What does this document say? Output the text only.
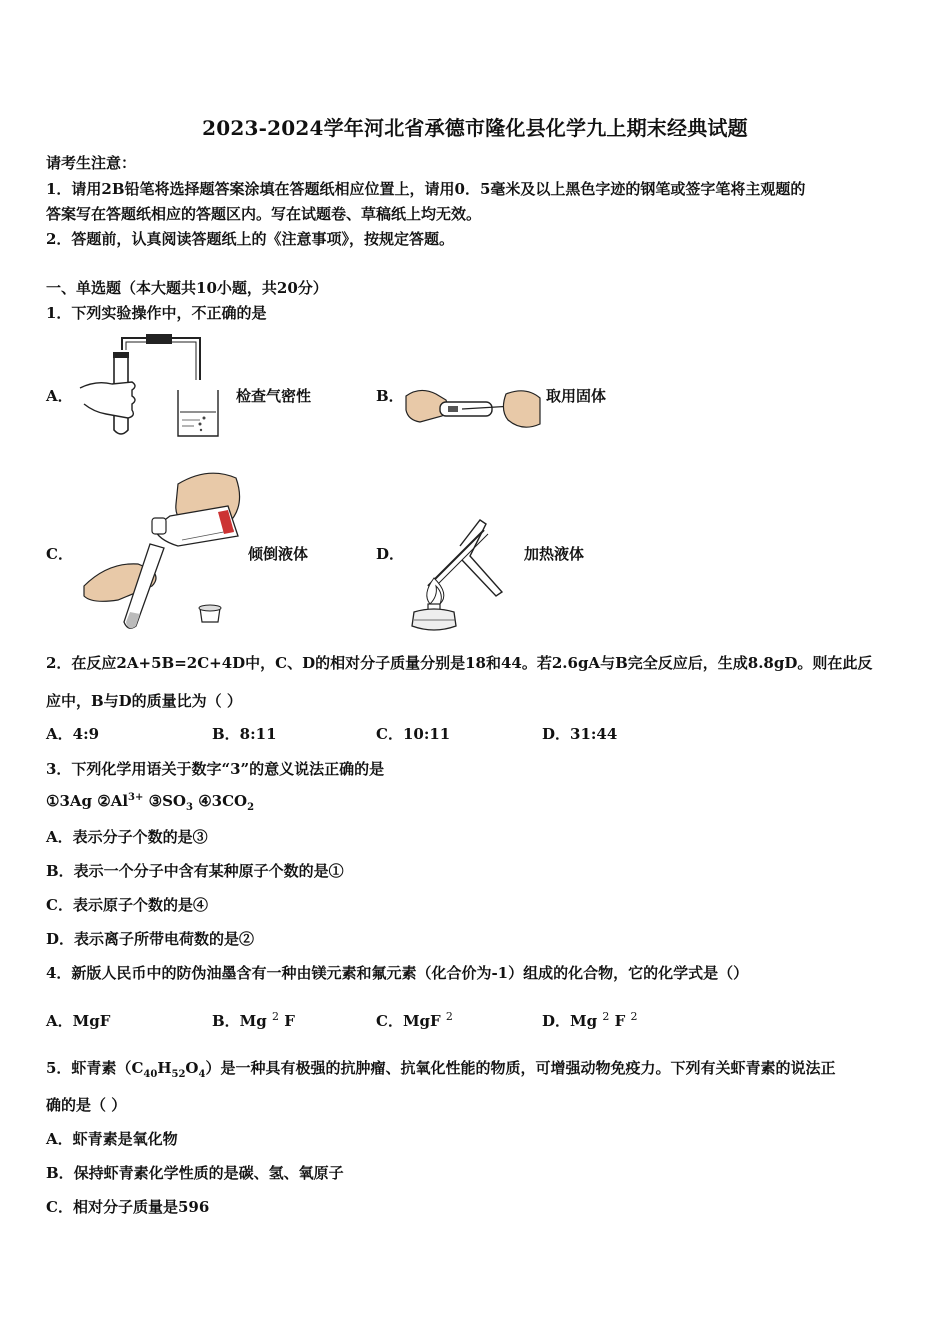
2023-2024学年河北省承德市隆化县化学九上期末经典试题
请考生注意：
1．请用2B铅笔将选择题答案涂填在答题纸相应位置上，请用0．5毫米及以上黑色字迹的钢笔或签字笔将主观题的
答案写在答题纸相应的答题区内。写在试题卷、草稿纸上均无效。
2．答题前，认真阅读答题纸上的《注意事项》，按规定答题。
一、单选题（本大题共10小题，共20分）
1．下列实验操作中，不正确的是
A．	检查气密性	B．	取用固体
C．	倾倒液体	D．	加热液体
2．在反应2A+5B=2C+4D中，C、D的相对分子质量分别是18和44。若2.6gA与B完全反应后，生成8.8gD。则在此反
应中，B与D的质量比为（ ）
A．4:9	B．8:11	C．10:11	D．31:44
3．下列化学用语关于数字“3”的意义说法正确的是
①3Ag $②Al^{3+}$ $③SO_3$ $④3CO_2$
A．表示分子个数的是③
B．表示一个分子中含有某种原子个数的是①
C．表示原子个数的是④
D．表示离子所带电荷数的是②
4．新版人民币中的防伪油墨含有一种由镁元素和氟元素（化合价为-1）组成的化合物，它的化学式是（）
A．MgF	B．Mg $^2$ F	C．MgF $^2$	D．Mg $^2$ F $^2$
5．虾青素$(C_{40}H_{52}O_4)$是一种具有极强的抗肿瘤、抗氧化性能的物质，可增强动物免疫力。下列有关虾青素的说法正
确的是（ ）
A．虾青素是氧化物
B．保持虾青素化学性质的是碳、氢、氧原子
C．相对分子质量是596
